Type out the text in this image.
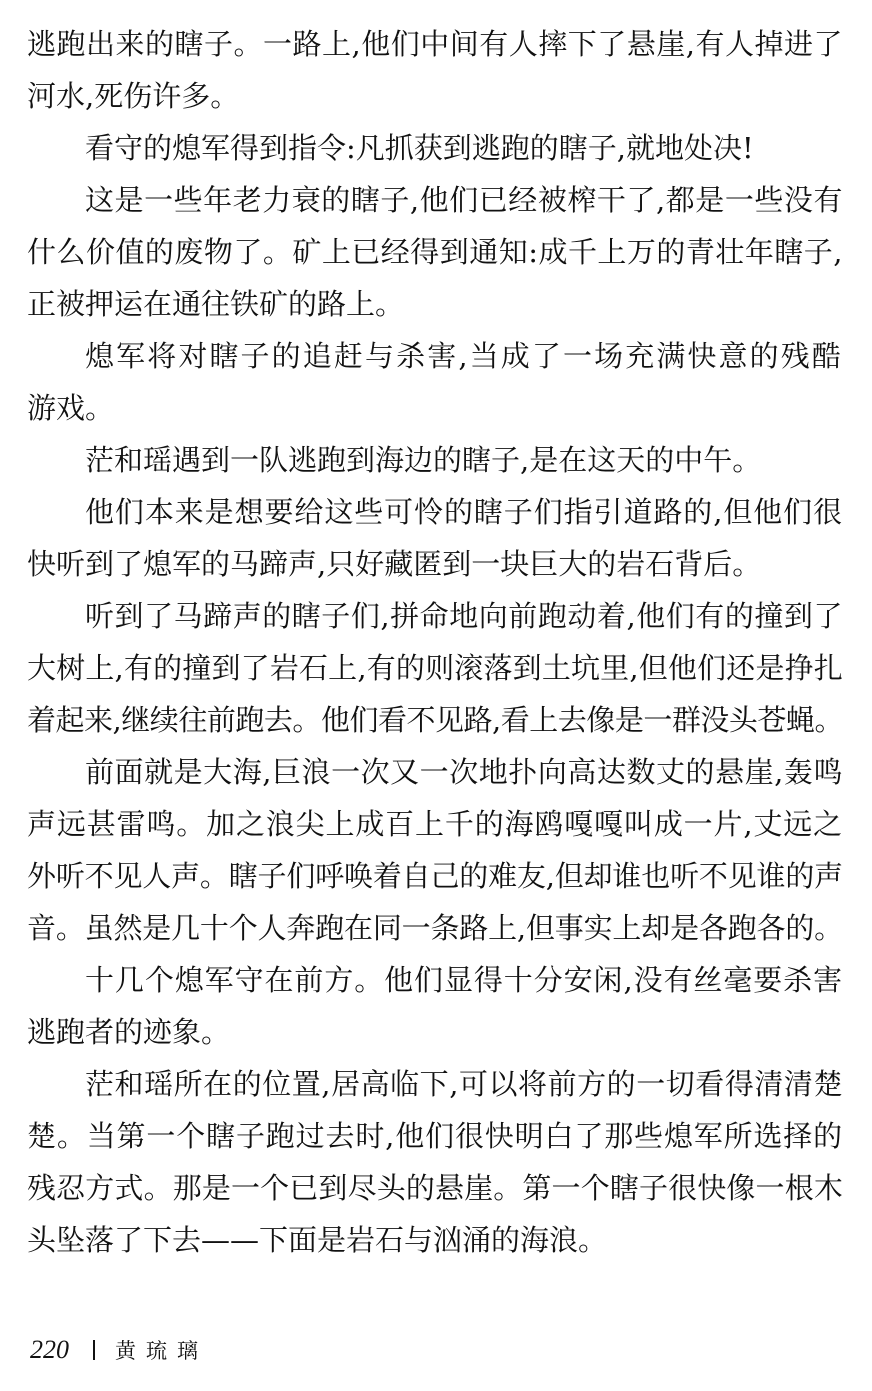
逃跑出来的瞎子。一路上,他们中间有人摔下了悬崖,有人掉进了
河水,死伤许多。
看守的熄军得到指令:凡抓获到逃跑的瞎子,就地处决!
这是一些年老力衰的瞎子,他们已经被榨干了,都是一些没有
什么价值的废物了。矿上已经得到通知:成千上万的青壮年瞎子,
正被押运在通往铁矿的路上。
熄军将对瞎子的追赶与杀害,当成了一场充满快意的残酷
游戏。
茫和瑶遇到一队逃跑到海边的瞎子,是在这天的中午。
他们本来是想要给这些可怜的瞎子们指引道路的,但他们很
快听到了熄军的马蹄声,只好藏匿到一块巨大的岩石背后。
听到了马蹄声的瞎子们,拼命地向前跑动着,他们有的撞到了
大树上,有的撞到了岩石上,有的则滚落到土坑里,但他们还是挣扎
着起来,继续往前跑去。他们看不见路,看上去像是一群没头苍蝇。
前面就是大海,巨浪一次又一次地扑向高达数丈的悬崖,轰鸣
声远甚雷鸣。加之浪尖上成百上千的海鸥嘎嘎叫成一片,丈远之
外听不见人声。瞎子们呼唤着自己的难友,但却谁也听不见谁的声
音。虽然是几十个人奔跑在同一条路上,但事实上却是各跑各的。
十几个熄军守在前方。他们显得十分安闲,没有丝毫要杀害
逃跑者的迹象。
茫和瑶所在的位置,居高临下,可以将前方的一切看得清清楚
楚。当第一个瞎子跑过去时,他们很快明白了那些熄军所选择的
残忍方式。那是一个已到尽头的悬崖。第一个瞎子很快像一根木
头坠落了下去——下面是岩石与汹涌的海浪。
220 黄琉璃
